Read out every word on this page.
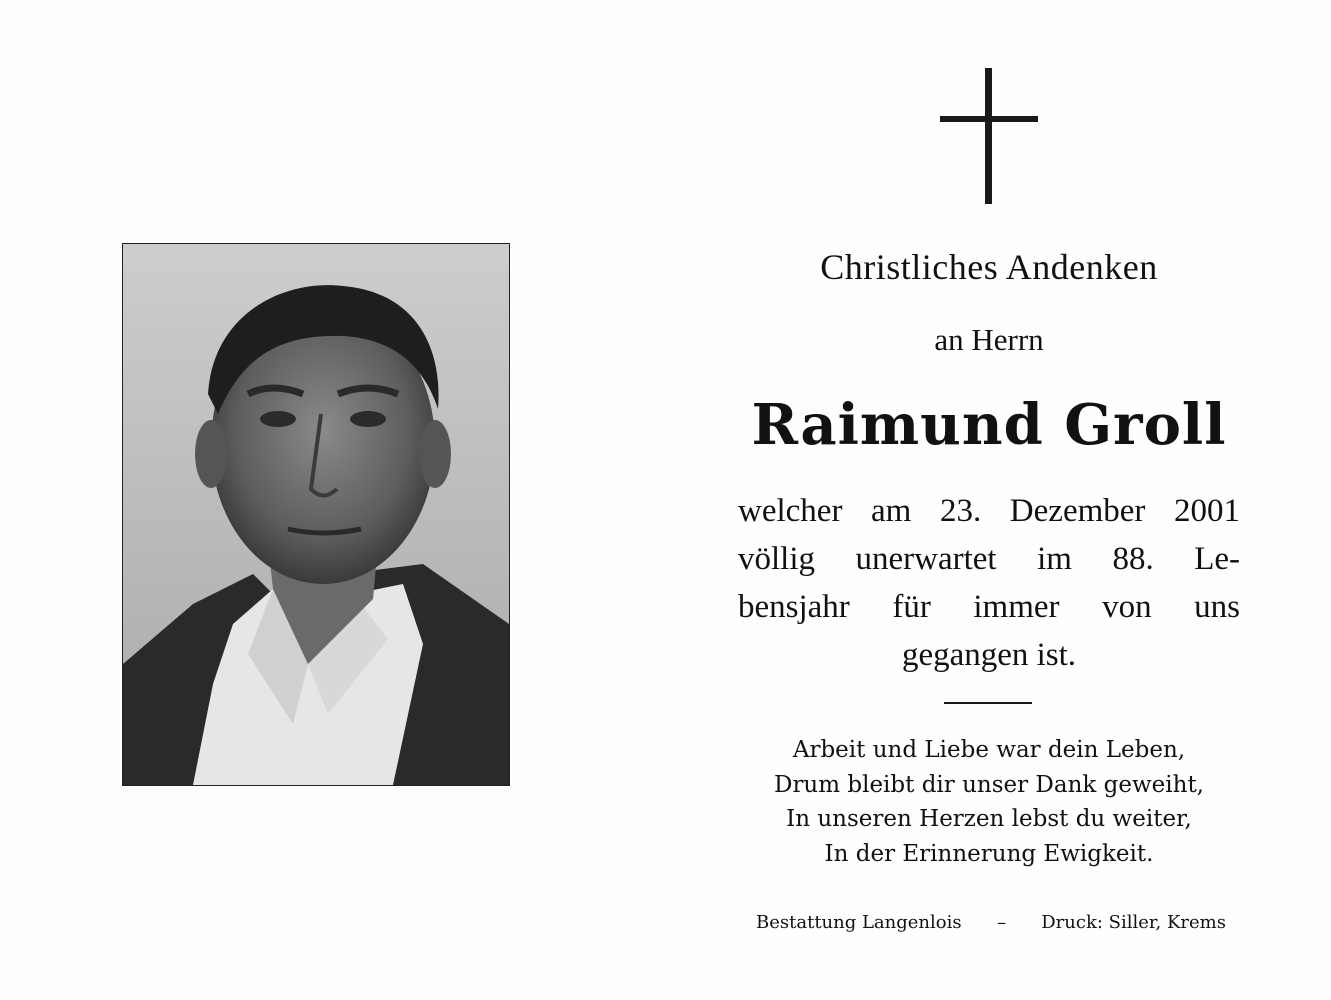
Christliches Andenken
an Herrn
Raimund Groll
welcher am 23. Dezember 2001
völlig unerwartet im 88. Le-
bensjahr für immer von uns
gegangen ist.
Arbeit und Liebe war dein Leben,
Drum bleibt dir unser Dank geweiht,
In unseren Herzen lebst du weiter,
In der Erinnerung Ewigkeit.
Bestattung Langenlois – Druck: Siller, Krems
